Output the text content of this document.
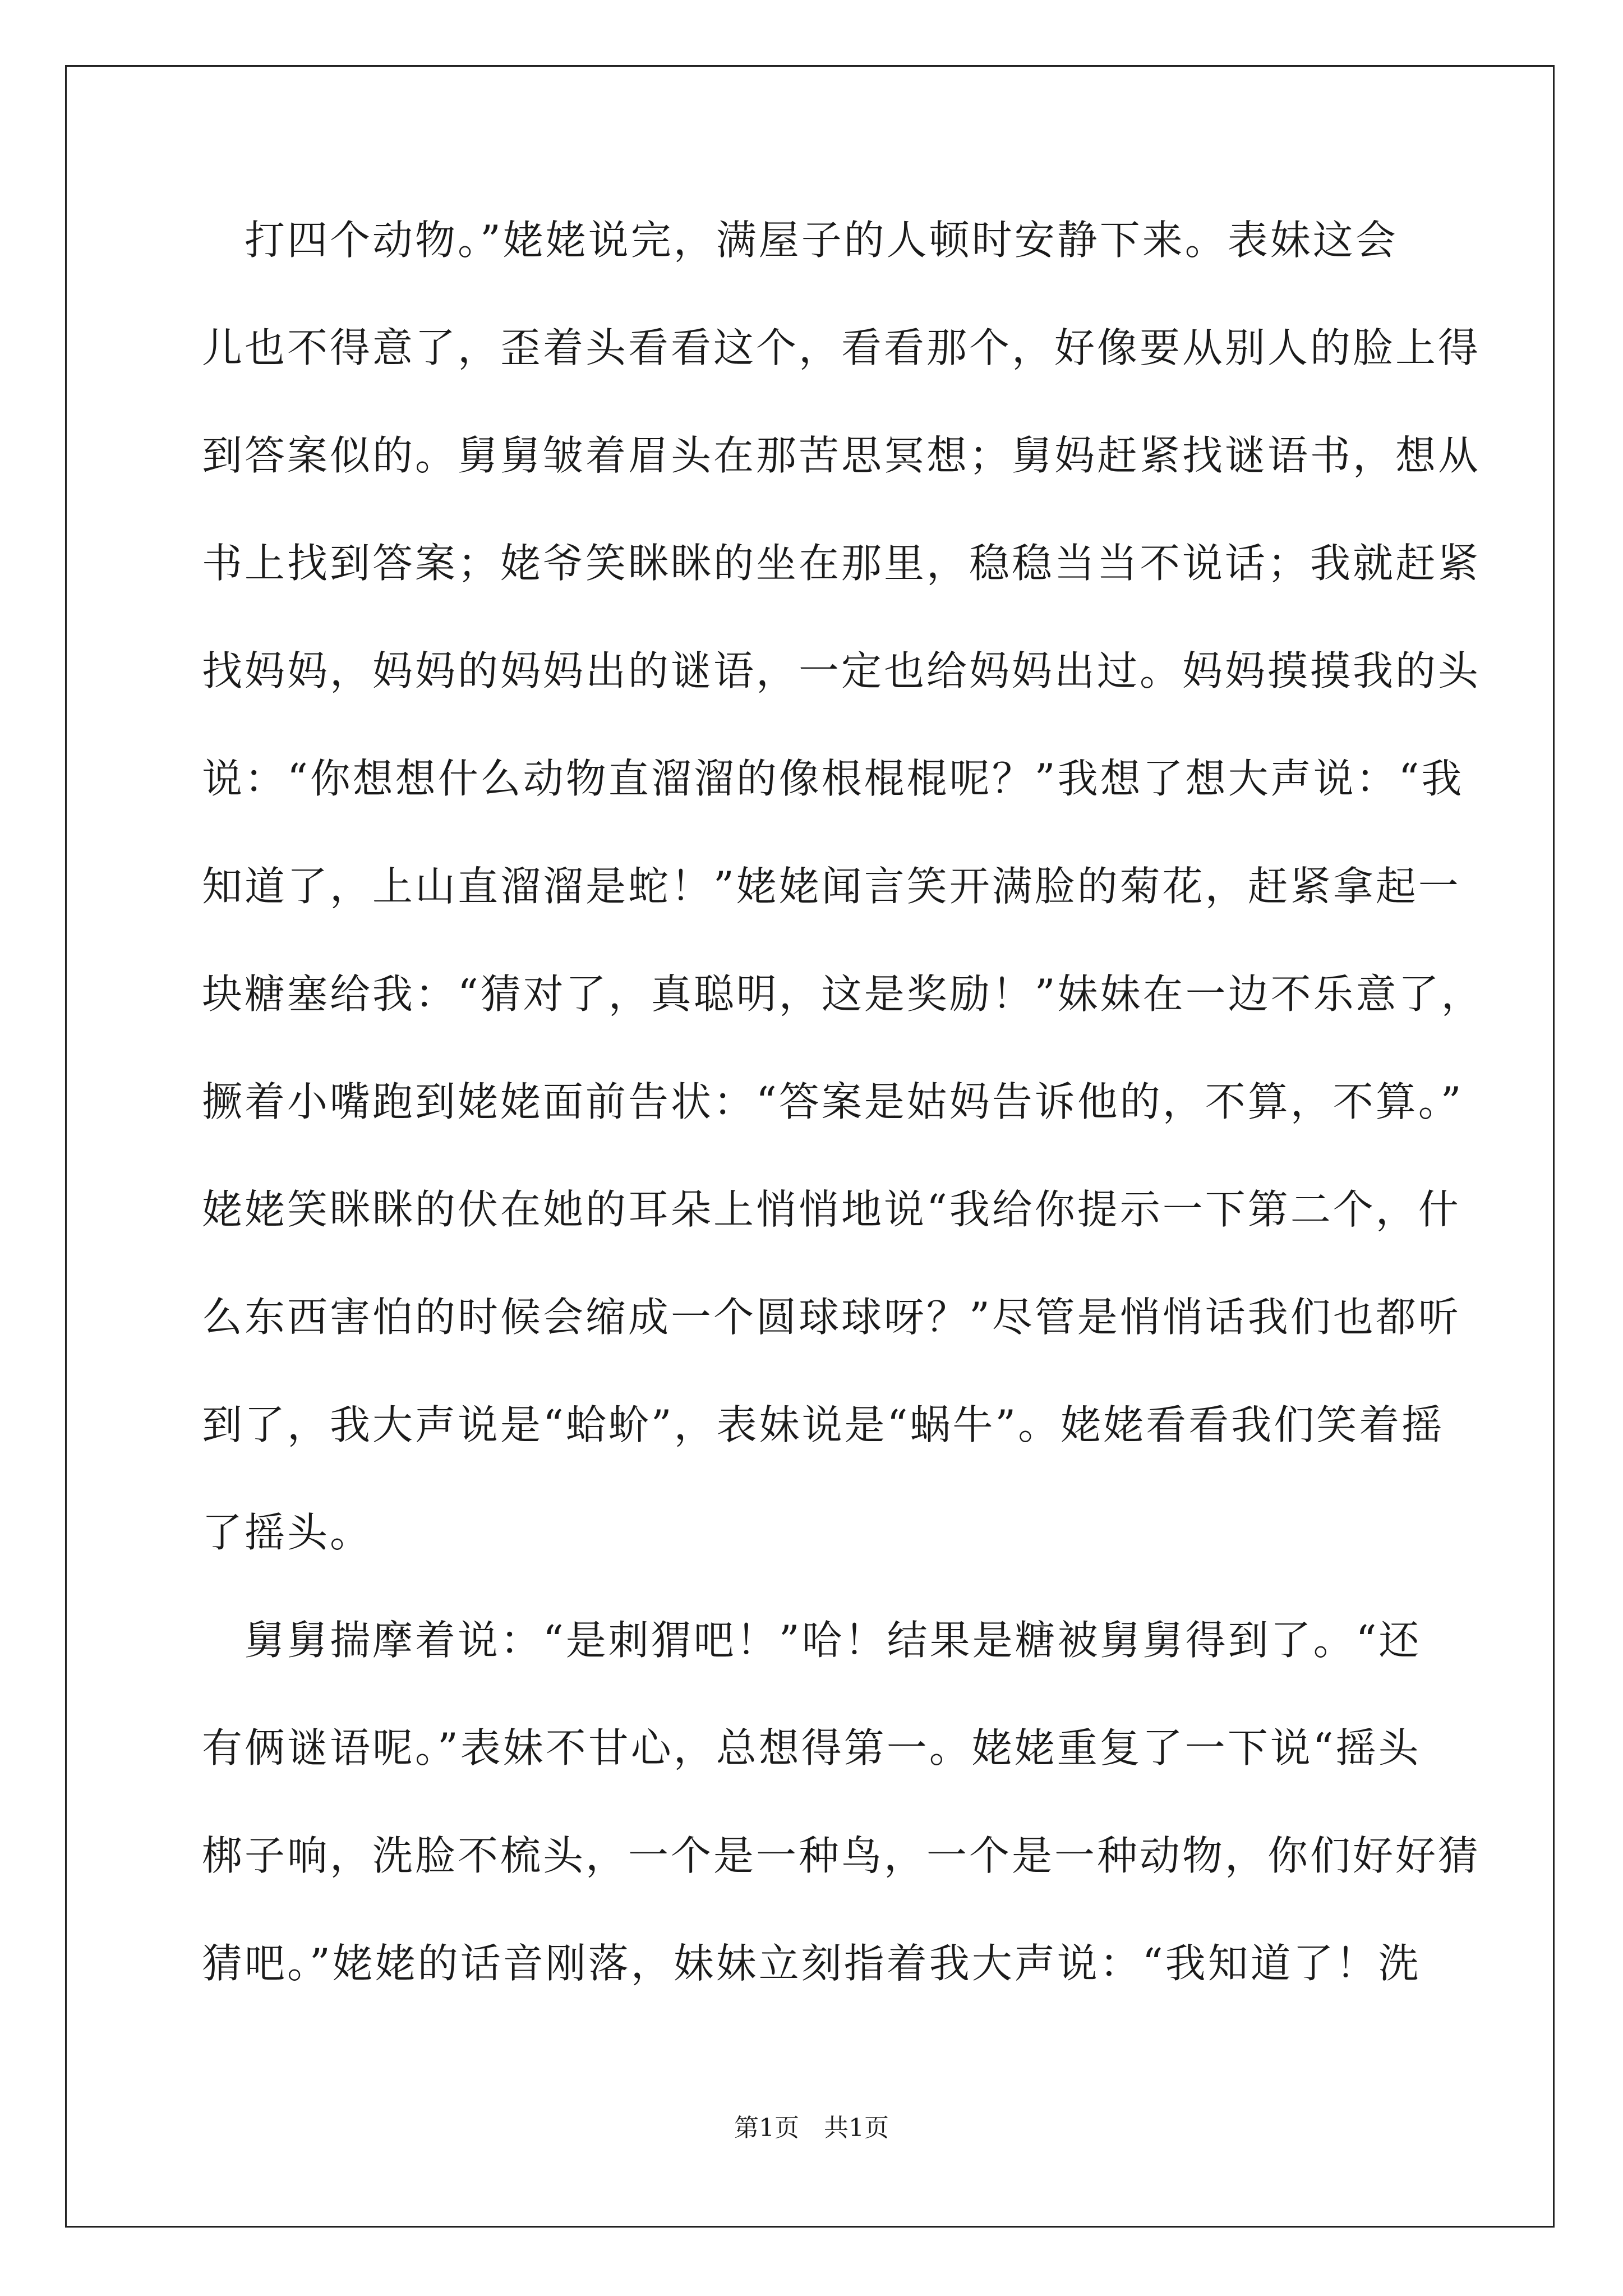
　打四个动物。”姥姥说完，满屋子的人顿时安静下来。表妹这会
儿也不得意了，歪着头看看这个，看看那个，好像要从别人的脸上得
到答案似的。舅舅皱着眉头在那苦思冥想；舅妈赶紧找谜语书，想从
书上找到答案；姥爷笑眯眯的坐在那里，稳稳当当不说话；我就赶紧
找妈妈，妈妈的妈妈出的谜语，一定也给妈妈出过。妈妈摸摸我的头
说：“你想想什么动物直溜溜的像根棍棍呢？”我想了想大声说：“我
知道了，上山直溜溜是蛇！”姥姥闻言笑开满脸的菊花，赶紧拿起一
块糖塞给我：“猜对了，真聪明，这是奖励！”妹妹在一边不乐意了，
撅着小嘴跑到姥姥面前告状：“答案是姑妈告诉他的，不算，不算。”
姥姥笑眯眯的伏在她的耳朵上悄悄地说“我给你提示一下第二个，什
么东西害怕的时候会缩成一个圆球球呀？”尽管是悄悄话我们也都听
到了，我大声说是“蛤蚧”，表妹说是“蜗牛”。姥姥看看我们笑着摇
了摇头。
　舅舅揣摩着说：“是刺猬吧！”哈！结果是糖被舅舅得到了。“还
有俩谜语呢。”表妹不甘心，总想得第一。姥姥重复了一下说“摇头
梆子响，洗脸不梳头，一个是一种鸟，一个是一种动物，你们好好猜
猜吧。”姥姥的话音刚落，妹妹立刻指着我大声说：“我知道了！洗
第1页　共1页
